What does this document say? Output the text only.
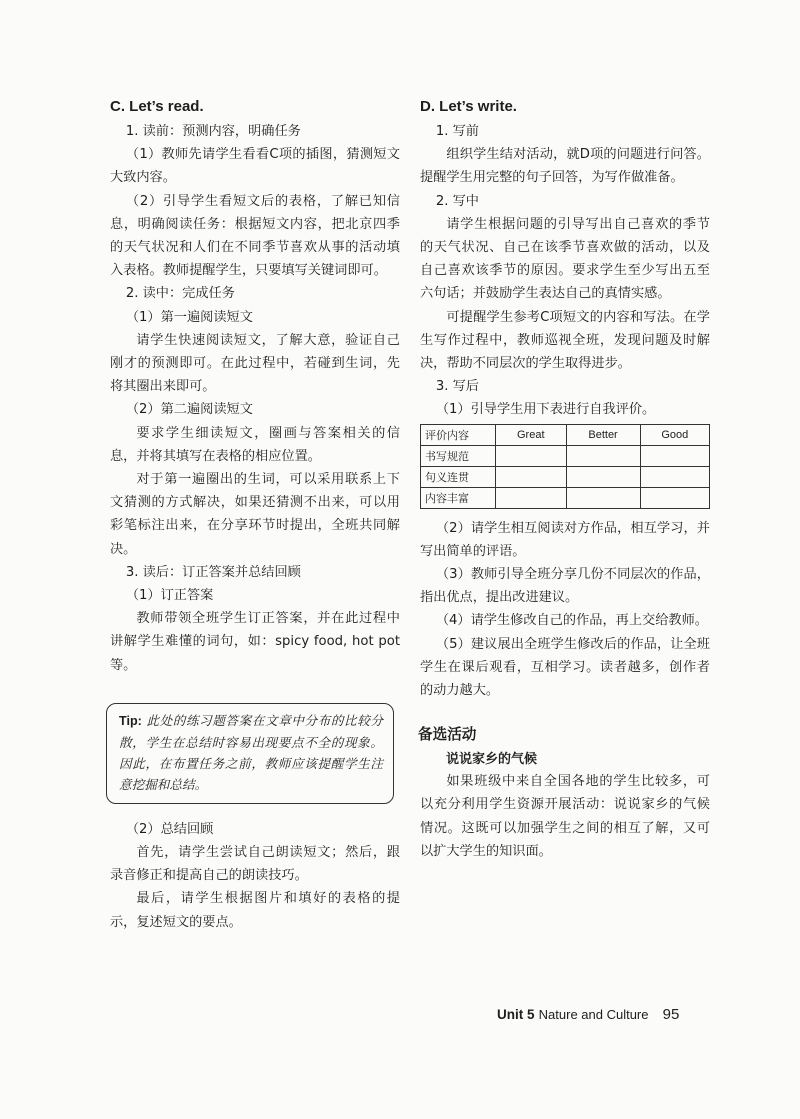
C. Let’s read.

1. 读前：预测内容，明确任务

（1）教师先请学生看看C项的插图，猜测短文大致内容。

（2）引导学生看短文后的表格，了解已知信息，明确阅读任务：根据短文内容，把北京四季的天气状况和人们在不同季节喜欢从事的活动填入表格。教师提醒学生，只要填写关键词即可。

2. 读中：完成任务

（1）第一遍阅读短文

请学生快速阅读短文，了解大意，验证自己刚才的预测即可。在此过程中，若碰到生词，先将其圈出来即可。

（2）第二遍阅读短文

要求学生细读短文，圈画与答案相关的信息，并将其填写在表格的相应位置。

对于第一遍圈出的生词，可以采用联系上下文猜测的方式解决，如果还猜测不出来，可以用彩笔标注出来，在分享环节时提出，全班共同解决。

3. 读后：订正答案并总结回顾

（1）订正答案

教师带领全班学生订正答案，并在此过程中讲解学生难懂的词句，如：spicy food, hot pot等。

Tip: 此处的练习题答案在文章中分布的比较分散，学生在总结时容易出现要点不全的现象。因此，在布置任务之前，教师应该提醒学生注意挖掘和总结。

（2）总结回顾

首先，请学生尝试自己朗读短文；然后，跟录音修正和提高自己的朗读技巧。

最后，请学生根据图片和填好的表格的提示，复述短文的要点。

D. Let’s write.

1. 写前

组织学生结对活动，就D项的问题进行问答。提醒学生用完整的句子回答，为写作做准备。

2. 写中

请学生根据问题的引导写出自己喜欢的季节的天气状况、自己在该季节喜欢做的活动，以及自己喜欢该季节的原因。要求学生至少写出五至六句话；并鼓励学生表达自己的真情实感。

可提醒学生参考C项短文的内容和写法。在学生写作过程中，教师巡视全班，发现问题及时解决，帮助不同层次的学生取得进步。

3. 写后

（1）引导学生用下表进行自我评价。

评价内容	Great	Better	Good
书写规范			
句义连贯			
内容丰富			

（2）请学生相互阅读对方作品，相互学习，并写出简单的评语。

（3）教师引导全班分享几份不同层次的作品，指出优点，提出改进建议。

（4）请学生修改自己的作品，再上交给教师。

（5）建议展出全班学生修改后的作品，让全班学生在课后观看，互相学习。读者越多，创作者的动力越大。

备选活动
说说家乡的气候

如果班级中来自全国各地的学生比较多，可以充分利用学生资源开展活动：说说家乡的气候情况。这既可以加强学生之间的相互了解，又可以扩大学生的知识面。

Unit 5 Nature and Culture 95
